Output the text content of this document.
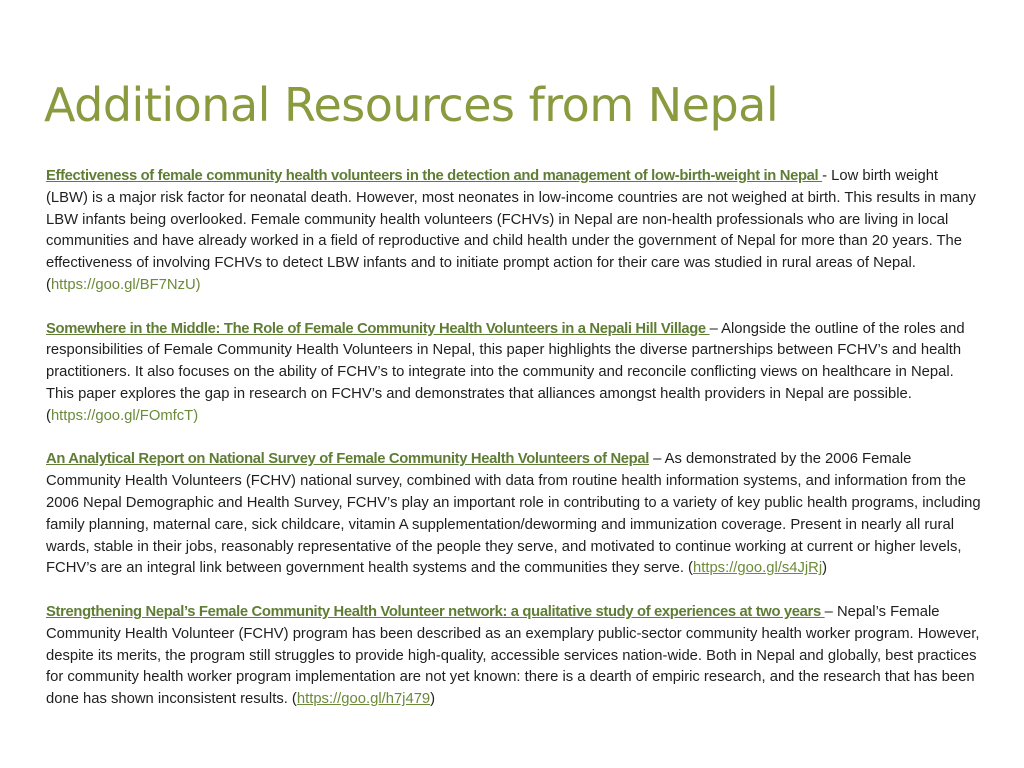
Additional Resources from Nepal

Effectiveness of female community health volunteers in the detection and management of low-birth-weight in Nepal - Low birth weight (LBW) is a major risk factor for neonatal death. However, most neonates in low-income countries are not weighed at birth. This results in many LBW infants being overlooked. Female community health volunteers (FCHVs) in Nepal are non-health professionals who are living in local communities and have already worked in a field of reproductive and child health under the government of Nepal for more than 20 years. The effectiveness of involving FCHVs to detect LBW infants and to initiate prompt action for their care was studied in rural areas of Nepal. (https://goo.gl/BF7NzU)

Somewhere in the Middle: The Role of Female Community Health Volunteers in a Nepali Hill Village – Alongside the outline of the roles and responsibilities of Female Community Health Volunteers in Nepal, this paper highlights the diverse partnerships between FCHV’s and health practitioners. It also focuses on the ability of FCHV’s to integrate into the community and reconcile conflicting views on healthcare in Nepal. This paper explores the gap in research on FCHV’s and demonstrates that alliances amongst health providers in Nepal are possible. (https://goo.gl/FOmfcT)

An Analytical Report on National Survey of Female Community Health Volunteers of Nepal – As demonstrated by the 2006 Female Community Health Volunteers (FCHV) national survey, combined with data from routine health information systems, and information from the 2006 Nepal Demographic and Health Survey, FCHV’s play an important role in contributing to a variety of key public health programs, including family planning, maternal care, sick childcare, vitamin A supplementation/deworming and immunization coverage. Present in nearly all rural wards, stable in their jobs, reasonably representative of the people they serve, and motivated to continue working at current or higher levels, FCHV’s are an integral link between government health systems and the communities they serve. (https://goo.gl/s4JjRj)

Strengthening Nepal’s Female Community Health Volunteer network: a qualitative study of experiences at two years – Nepal’s Female Community Health Volunteer (FCHV) program has been described as an exemplary public-sector community health worker program. However, despite its merits, the program still struggles to provide high-quality, accessible services nation-wide. Both in Nepal and globally, best practices for community health worker program implementation are not yet known: there is a dearth of empiric research, and the research that has been done has shown inconsistent results. (https://goo.gl/h7j479)
